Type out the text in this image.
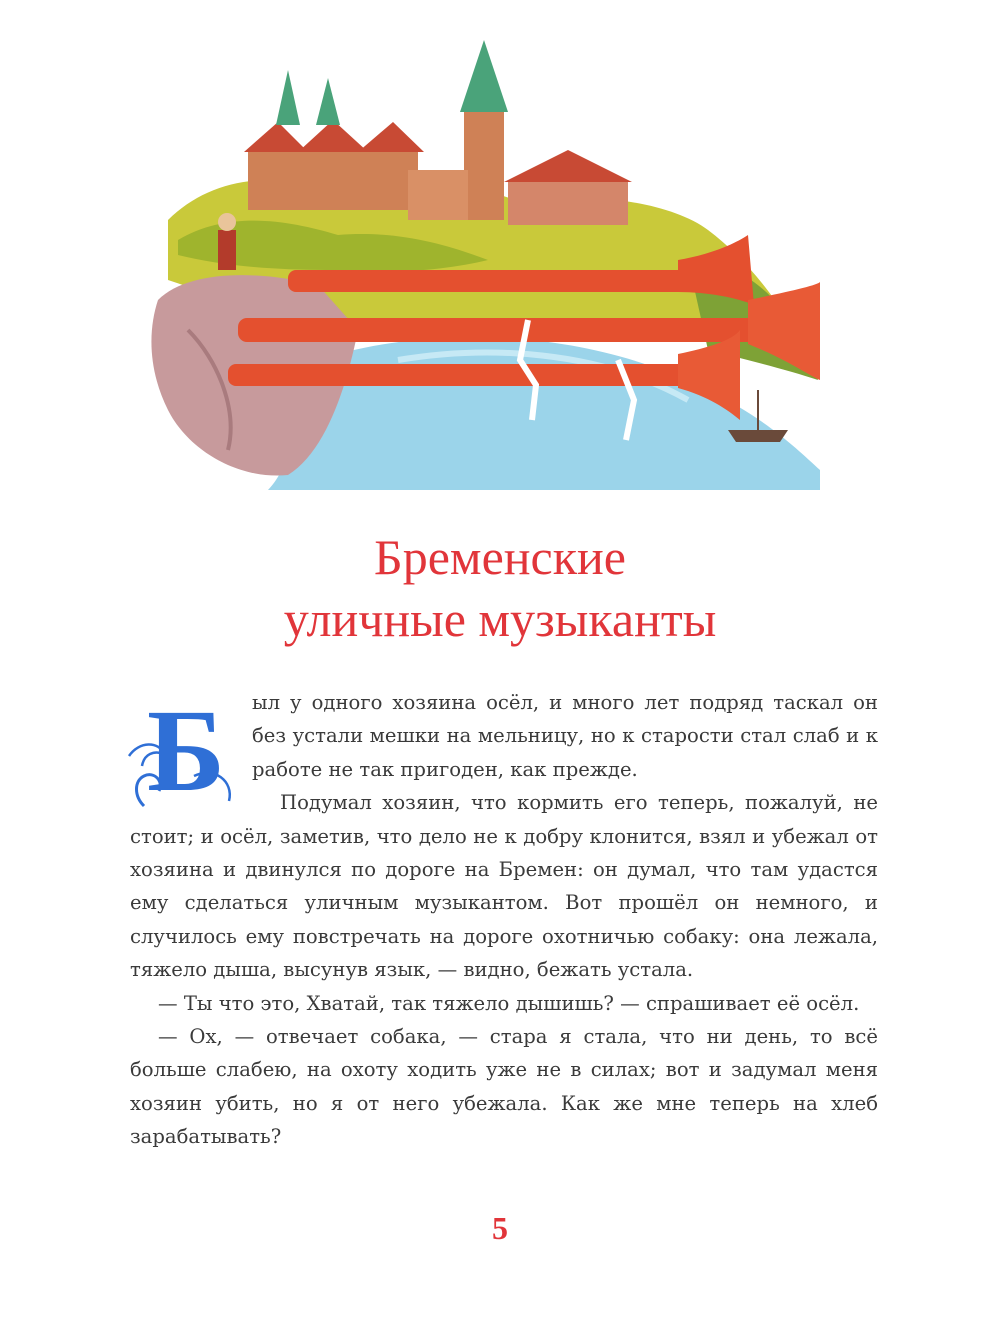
Бременские
уличные музыканты

Б ыл у одного хозяина осёл, и много лет подряд таскал он без устали мешки на мельницу, но к старости стал слаб и к работе не так пригоден, как прежде.

Подумал хозяин, что кормить его теперь, пожалуй, не стоит; и осёл, заметив, что дело не к добру клонится, взял и убежал от хозяина и двинулся по дороге на Бремен: он думал, что там удастся ему сделаться уличным музыкантом. Вот прошёл он немного, и случилось ему повстречать на дороге охотничью собаку: она лежала, тяжело дыша, высунув язык, — видно, бежать устала.

— Ты что это, Хватай, так тяжело дышишь? — спрашивает её осёл.

— Ох, — отвечает собака, — стара я стала, что ни день, то всё больше слабею, на охоту ходить уже не в силах; вот и задумал меня хозяин убить, но я от него убежала. Как же мне теперь на хлеб зарабатывать?

5
